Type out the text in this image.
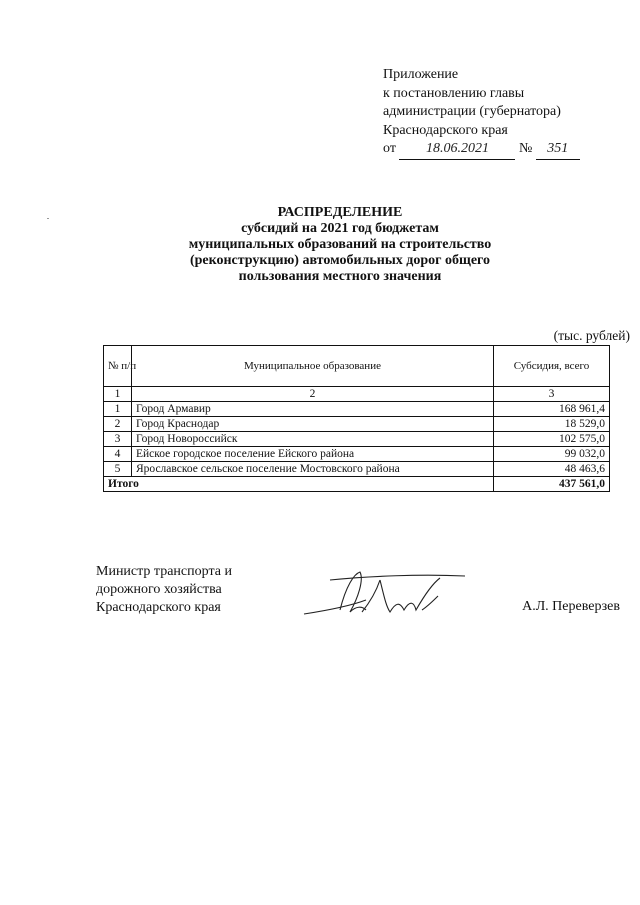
Приложение
к постановлению главы
администрации (губернатора)
Краснодарского края
от 18.06.2021 № 351
РАСПРЕДЕЛЕНИЕ
субсидий на 2021 год бюджетам
муниципальных образований на строительство
(реконструкцию) автомобильных дорог общего
пользования местного значения
(тыс. рублей)
№ п/п	Муниципальное образование	Субсидия, всего
1	2	3
1	Город Армавир	168 961,4
2	Город Краснодар	18 529,0
3	Город Новороссийск	102 575,0
4	Ейское городское поселение Ейского района	99 032,0
5	Ярославское сельское поселение Мостовского района	48 463,6
Итого		437 561,0
Министр транспорта и
дорожного хозяйства
Краснодарского края	А.Л. Переверзев
